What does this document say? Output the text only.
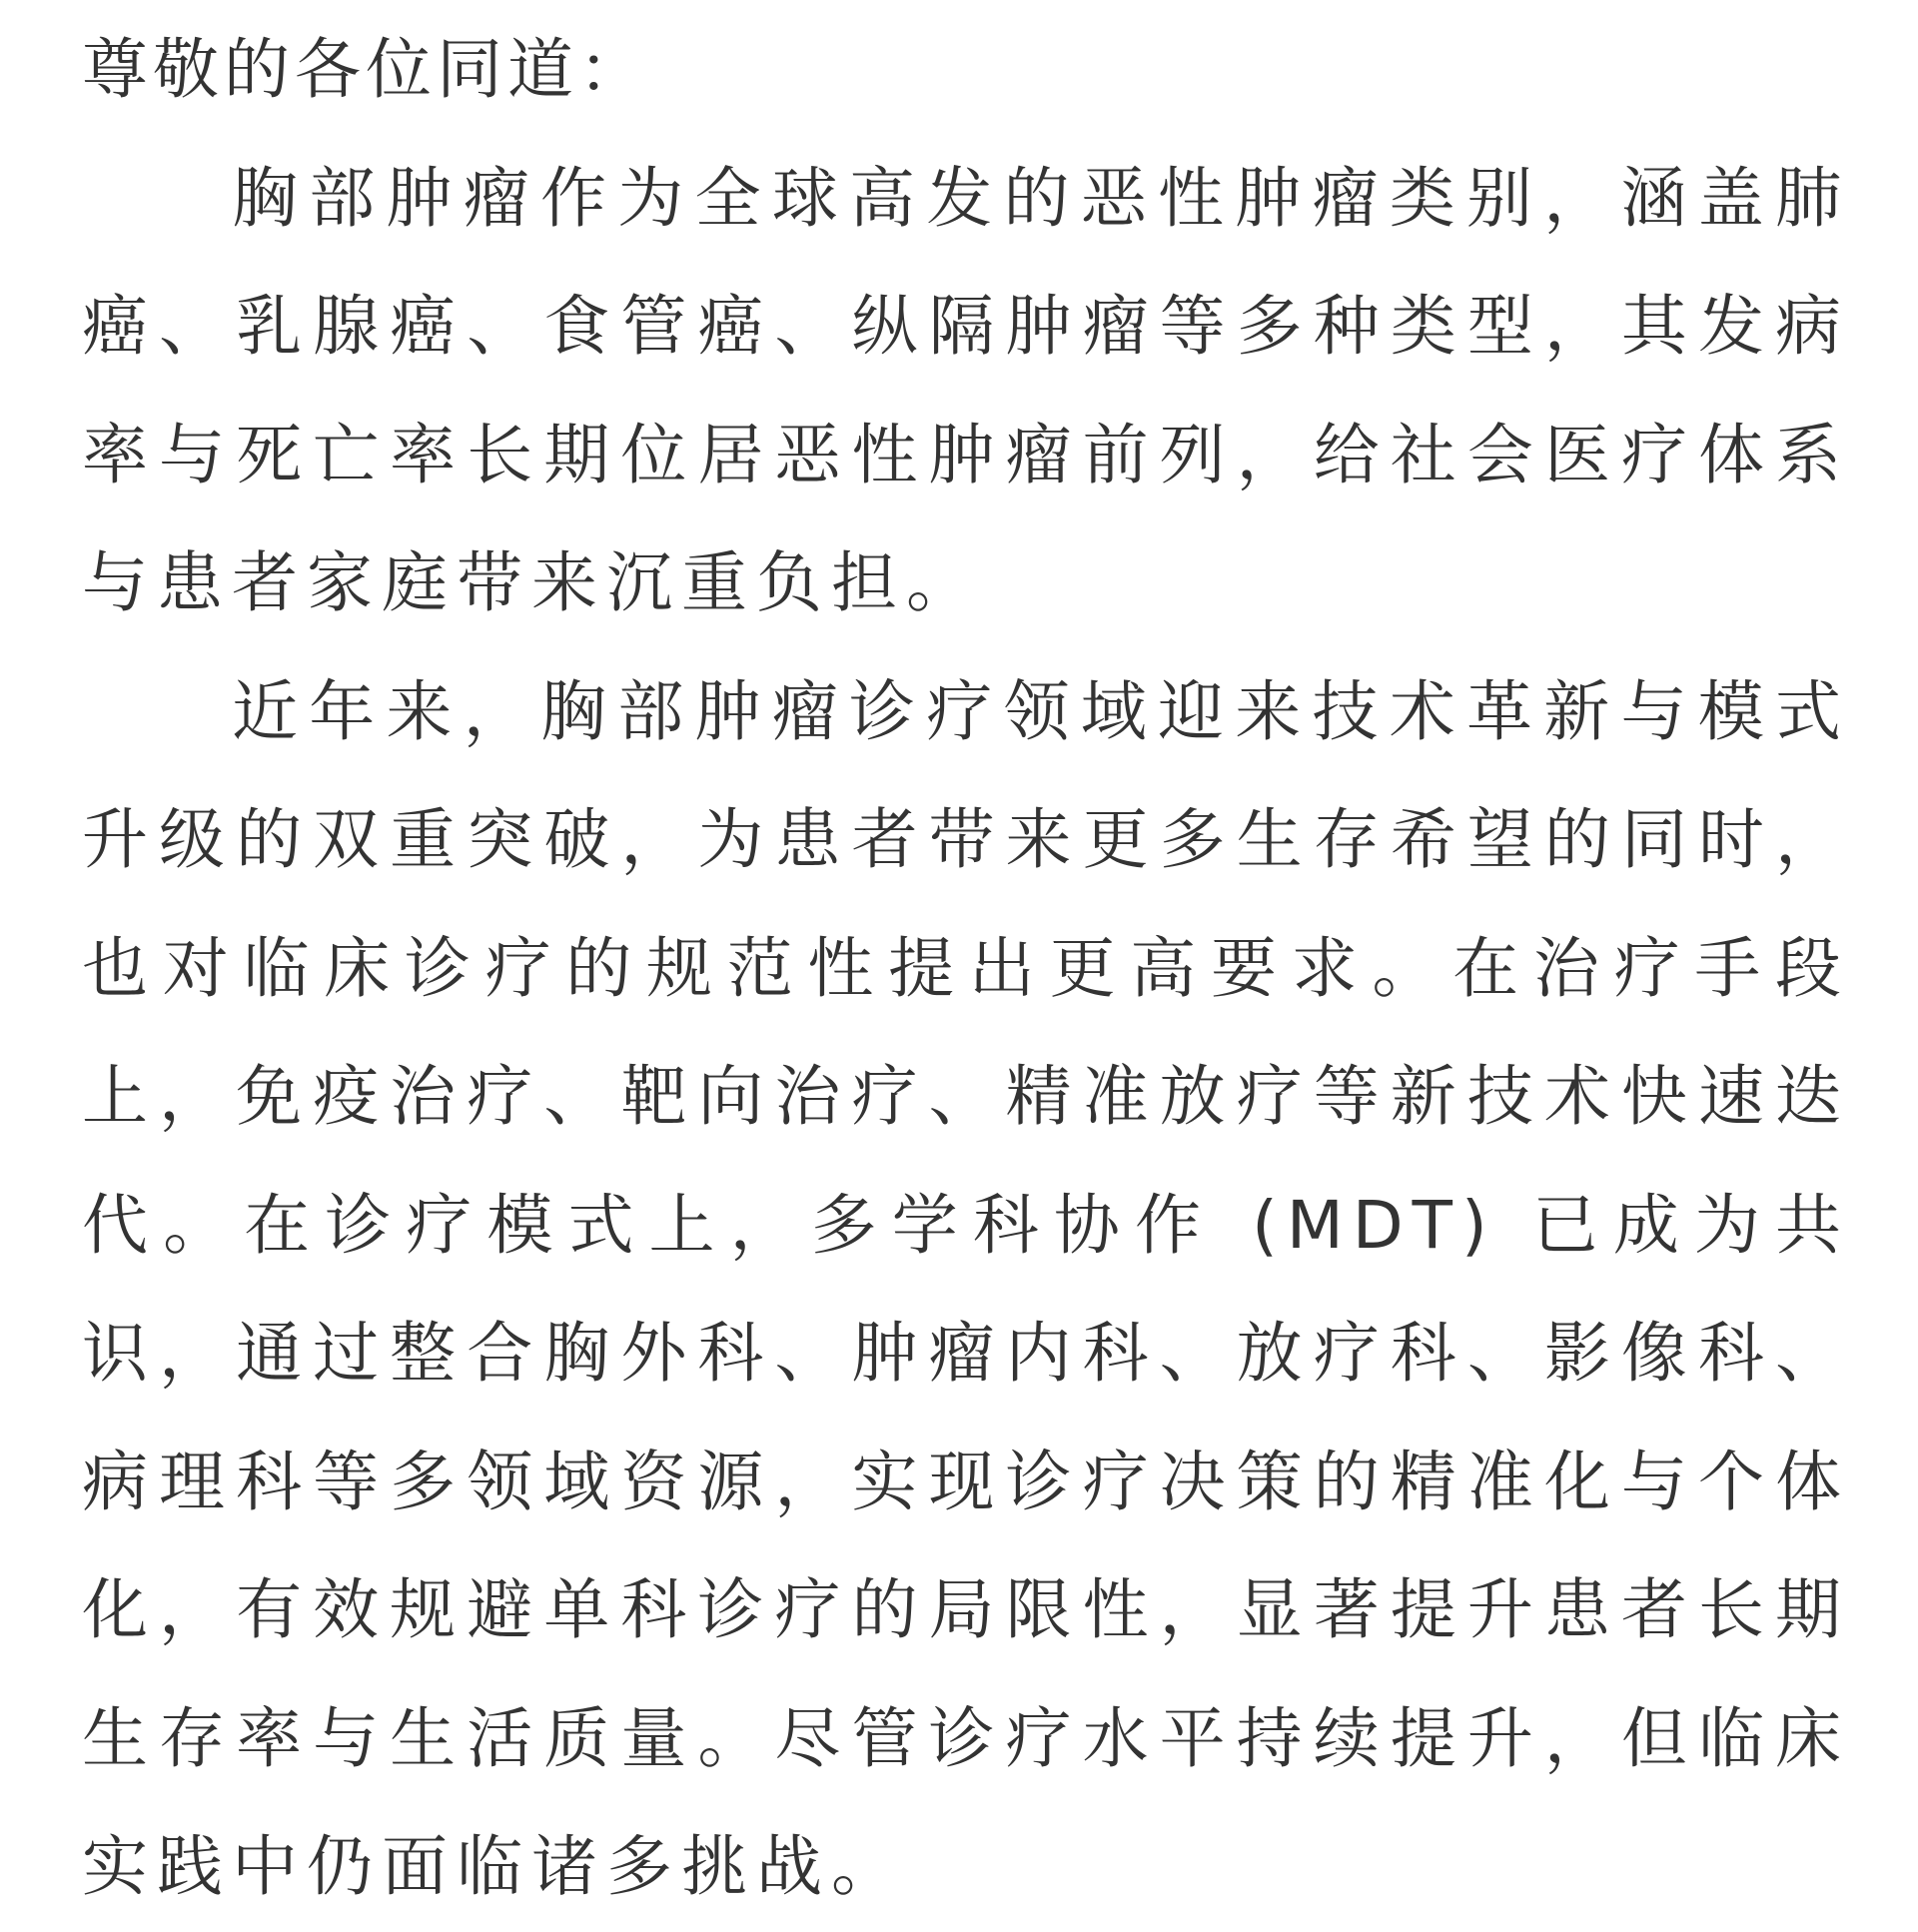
尊敬的各位同道：

胸部肿瘤作为全球高发的恶性肿瘤类别，涵盖肺癌、乳腺癌、食管癌、纵隔肿瘤等多种类型，其发病率与死亡率长期位居恶性肿瘤前列，给社会医疗体系与患者家庭带来沉重负担。

近年来，胸部肿瘤诊疗领域迎来技术革新与模式升级的双重突破，为患者带来更多生存希望的同时，也对临床诊疗的规范性提出更高要求。在治疗手段上，免疫治疗、靶向治疗、精准放疗等新技术快速迭代。在诊疗模式上，多学科协作 (MDT) 已成为共识，通过整合胸外科、肿瘤内科、放疗科、影像科、病理科等多领域资源，实现诊疗决策的精准化与个体化，有效规避单科诊疗的局限性，显著提升患者长期生存率与生活质量。尽管诊疗水平持续提升，但临床实践中仍面临诸多挑战。
